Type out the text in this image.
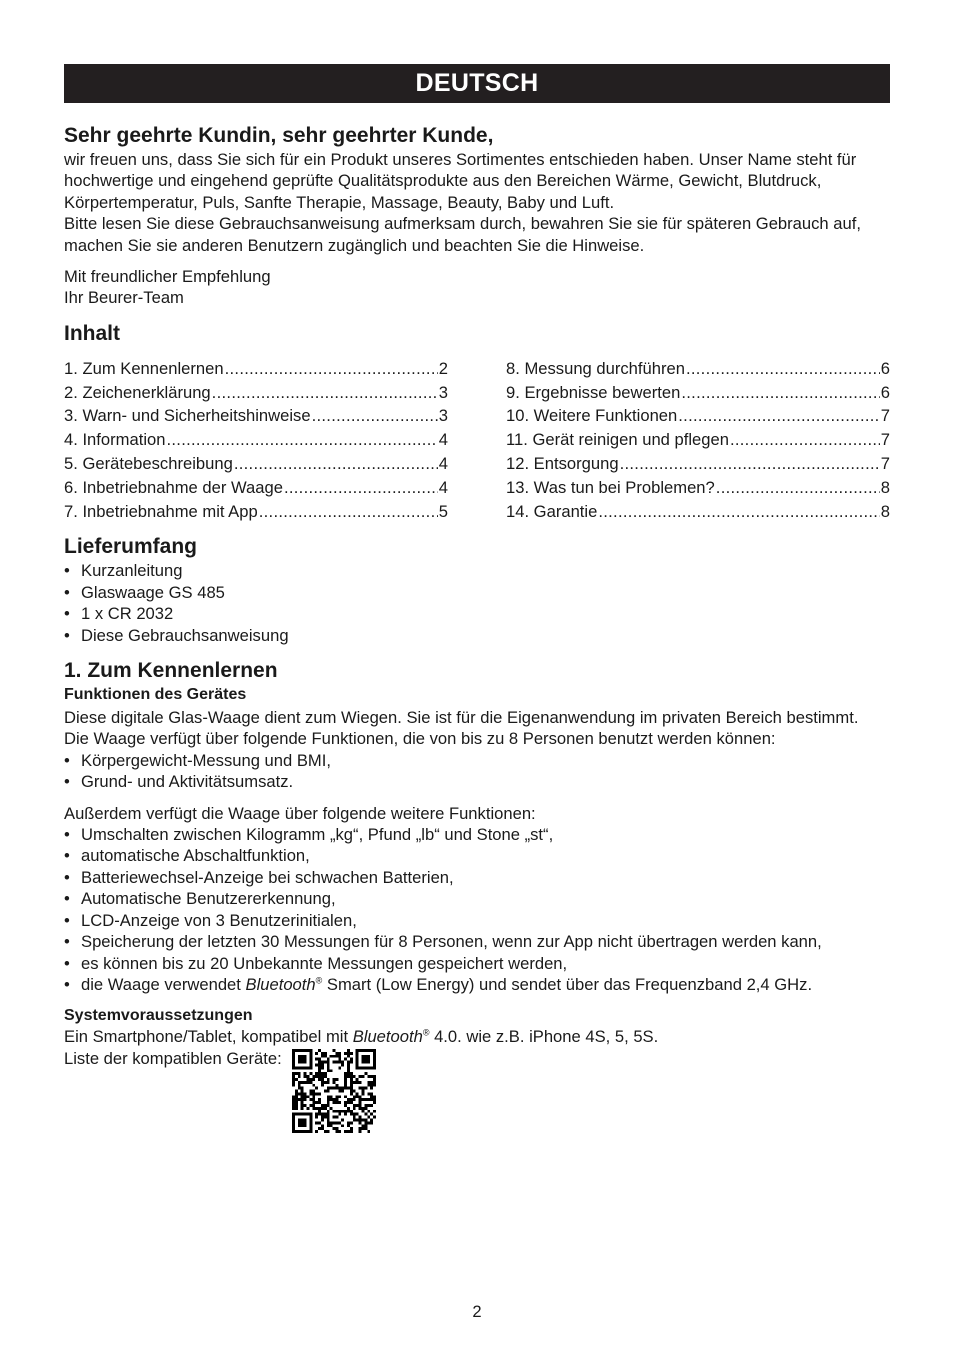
DEUTSCH
Sehr geehrte Kundin, sehr geehrter Kunde,

wir freuen uns, dass Sie sich für ein Produkt unseres Sortimentes entschieden haben. Unser Name steht für hochwertige und eingehend geprüfte Qualitätsprodukte aus den Bereichen Wärme, Gewicht, Blutdruck, Körpertemperatur, Puls, Sanfte Therapie, Massage, Beauty, Baby und Luft.

Bitte lesen Sie diese Gebrauchsanweisung aufmerksam durch, bewahren Sie sie für späteren Gebrauch auf, machen Sie sie anderen Benutzern zugänglich und beachten Sie die Hinweise.

Mit freundlicher Empfehlung

Ihr Beurer-Team

Inhalt
1. Zum Kennenlernen .....	2
2. Zeichenerklärung .....	3
3. Warn- und Sicherheitshinweise .....	3
4. Information .....	4
5. Gerätebeschreibung .....	4
6. Inbetriebnahme der Waage .....	4
7. Inbetriebnahme mit App .....	5
8. Messung durchführen .....	6
9. Ergebnisse bewerten .....	6
10. Weitere Funktionen .....	7
11. Gerät reinigen und pflegen .....	7
12. Entsorgung .....	7
13. Was tun bei Problemen? .....	8
14. Garantie .....	8
Lieferumfang
• Kurzanleitung
• Glaswaage GS 485
• 1 x CR 2032
• Diese Gebrauchsanweisung
1. Zum Kennenlernen
Funktionen des Gerätes

Diese digitale Glas-Waage dient zum Wiegen. Sie ist für die Eigenanwendung im privaten Bereich bestimmt.

Die Waage verfügt über folgende Funktionen, die von bis zu 8 Personen benutzt werden können:

• Körpergewicht-Messung und BMI,
• Grund- und Aktivitätsumsatz.

Außerdem verfügt die Waage über folgende weitere Funktionen:

• Umschalten zwischen Kilogramm „kg“, Pfund „lb“ und Stone „st“,
• automatische Abschaltfunktion,
• Batteriewechsel-Anzeige bei schwachen Batterien,
• Automatische Benutzererkennung,
• LCD-Anzeige von 3 Benutzerinitialen,
• Speicherung der letzten 30 Messungen für 8 Personen, wenn zur App nicht übertragen werden kann,
• es können bis zu 20 Unbekannte Messungen gespeichert werden,
• die Waage verwendet Bluetooth® Smart (Low Energy) und sendet über das Frequenzband 2,4 GHz.
Systemvoraussetzungen

Ein Smartphone/Tablet, kompatibel mit Bluetooth® 4.0. wie z.B. iPhone 4S, 5, 5S.

Liste der kompatiblen Geräte:

2
